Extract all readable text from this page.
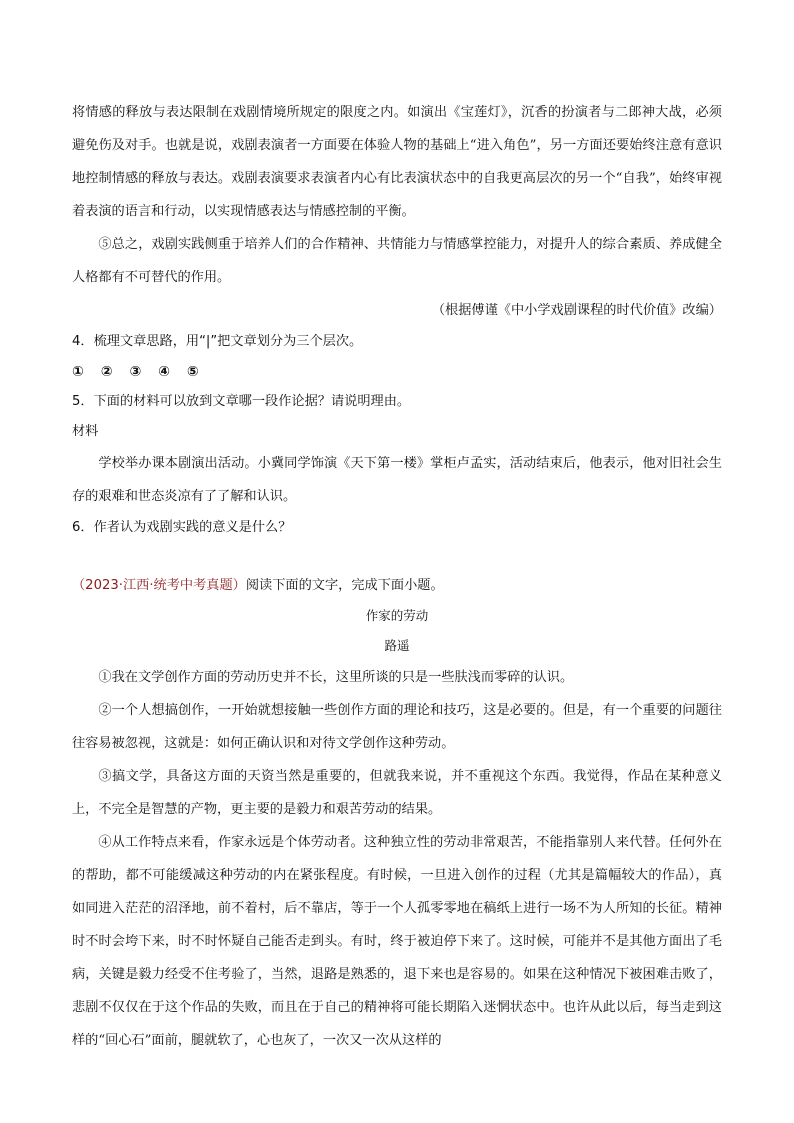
将情感的释放与表达限制在戏剧情境所规定的限度之内。如演出《宝莲灯》，沉香的扮演者与二郎神大战，必须避免伤及对手。也就是说，戏剧表演者一方面要在体验人物的基础上“进入角色”，另一方面还要始终注意有意识地控制情感的释放与表达。戏剧表演要求表演者内心有比表演状态中的自我更高层次的另一个“自我”，始终审视着表演的语言和行动，以实现情感表达与情感控制的平衡。

⑤总之，戏剧实践侧重于培养人们的合作精神、共情能力与情感掌控能力，对提升人的综合素质、养成健全人格都有不可替代的作用。

（根据傅谨《中小学戏剧课程的时代价值》改编）

4．梳理文章思路，用“|”把文章划分为三个层次。

① ② ③ ④ ⑤

5．下面的材料可以放到文章哪一段作论据？请说明理由。

材料

学校举办课本剧演出活动。小冀同学饰演《天下第一楼》掌柜卢孟实，活动结束后，他表示，他对旧社会生存的艰难和世态炎凉有了了解和认识。

6．作者认为戏剧实践的意义是什么？

（2023·江西·统考中考真题）阅读下面的文字，完成下面小题。

作家的劳动

路遥

①我在文学创作方面的劳动历史并不长，这里所谈的只是一些肤浅而零碎的认识。

②一个人想搞创作，一开始就想接触一些创作方面的理论和技巧，这是必要的。但是，有一个重要的问题往往容易被忽视，这就是：如何正确认识和对待文学创作这种劳动。

③搞文学，具备这方面的天资当然是重要的，但就我来说，并不重视这个东西。我觉得，作品在某种意义上，不完全是智慧的产物，更主要的是毅力和艰苦劳动的结果。

④从工作特点来看，作家永远是个体劳动者。这种独立性的劳动非常艰苦，不能指靠别人来代替。任何外在的帮助，都不可能缓减这种劳动的内在紧张程度。有时候，一旦进入创作的过程（尤其是篇幅较大的作品），真如同进入茫茫的沼泽地，前不着村，后不靠店，等于一个人孤零零地在稿纸上进行一场不为人所知的长征。精神时不时会垮下来，时不时怀疑自己能否走到头。有时，终于被迫停下来了。这时候，可能并不是其他方面出了毛病，关键是毅力经受不住考验了，当然，退路是熟悉的，退下来也是容易的。如果在这种情况下被困难击败了，悲剧不仅仅在于这个作品的失败，而且在于自己的精神将可能长期陷入迷惘状态中。也许从此以后，每当走到这样的“回心石”面前，腿就软了，心也灰了，一次又一次从这样的
